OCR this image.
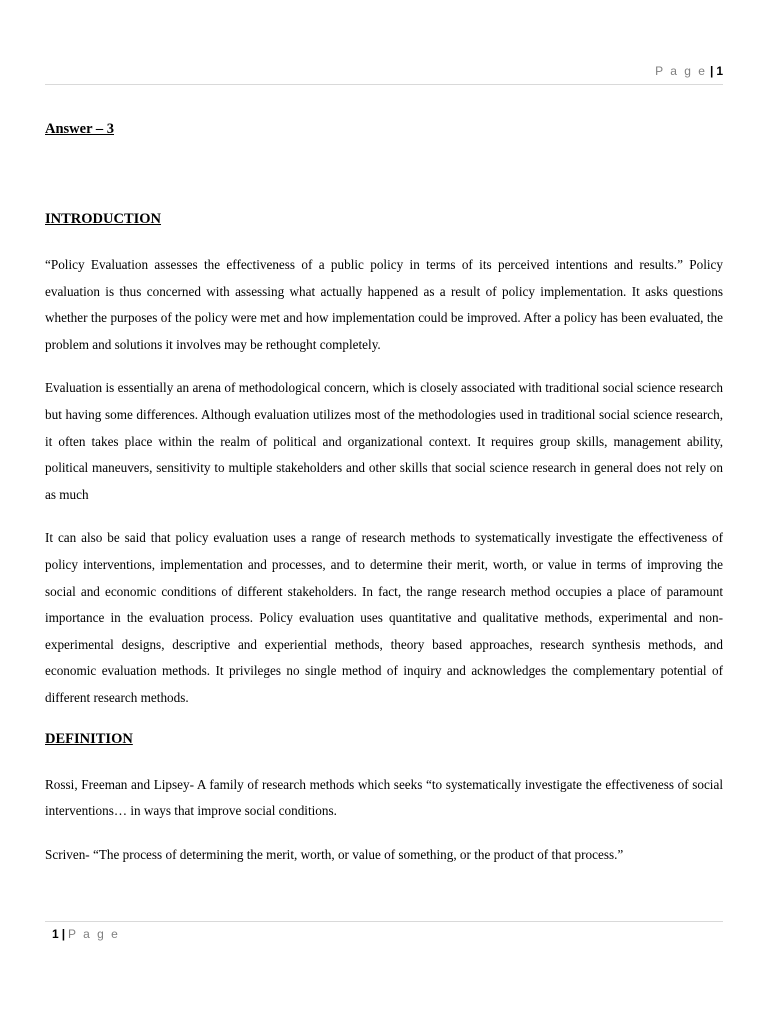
P a g e | 1
Answer – 3
INTRODUCTION

“Policy Evaluation assesses the effectiveness of a public policy in terms of its perceived intentions and results.” Policy evaluation is thus concerned with assessing what actually happened as a result of policy implementation. It asks questions whether the purposes of the policy were met and how implementation could be improved. After a policy has been evaluated, the problem and solutions it involves may be rethought completely.

Evaluation is essentially an arena of methodological concern, which is closely associated with traditional social science research but having some differences. Although evaluation utilizes most of the methodologies used in traditional social science research, it often takes place within the realm of political and organizational context. It requires group skills, management ability, political maneuvers, sensitivity to multiple stakeholders and other skills that social science research in general does not rely on as much

It can also be said that policy evaluation uses a range of research methods to systematically investigate the effectiveness of policy interventions, implementation and processes, and to determine their merit, worth, or value in terms of improving the social and economic conditions of different stakeholders. In fact, the range research method occupies a place of paramount importance in the evaluation process. Policy evaluation uses quantitative and qualitative methods, experimental and non-experimental designs, descriptive and experiential methods, theory based approaches, research synthesis methods, and economic evaluation methods. It privileges no single method of inquiry and acknowledges the complementary potential of different research methods.

DEFINITION

Rossi, Freeman and Lipsey- A family of research methods which seeks “to systematically investigate the effectiveness of social interventions… in ways that improve social conditions.

Scriven- “The process of determining the merit, worth, or value of something, or the product of that process.”

1 | P a g e
